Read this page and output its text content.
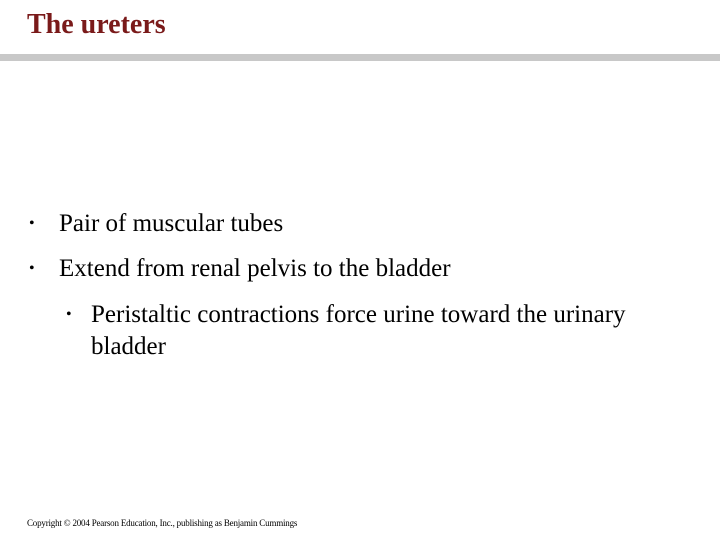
The ureters
• Pair of muscular tubes
• Extend from renal pelvis to the bladder
• Peristaltic contractions force urine toward the urinary bladder
Copyright © 2004 Pearson Education, Inc., publishing as Benjamin Cummings
